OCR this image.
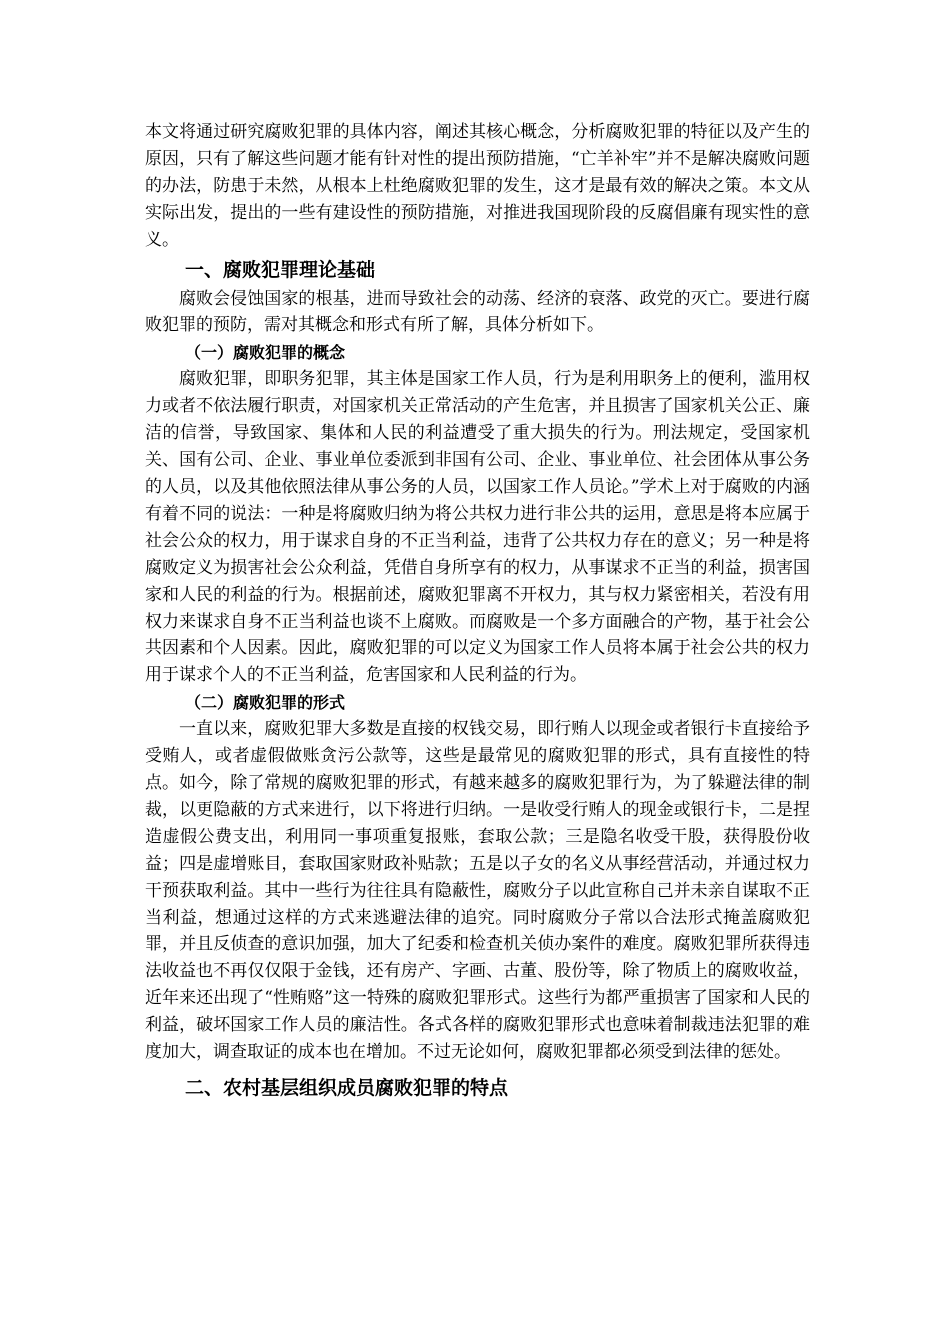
本文将通过研究腐败犯罪的具体内容，阐述其核心概念，分析腐败犯罪的特征以及产生的原因，只有了解这些问题才能有针对性的提出预防措施，“亡羊补牢”并不是解决腐败问题的办法，防患于未然，从根本上杜绝腐败犯罪的发生，这才是最有效的解决之策。本文从实际出发，提出的一些有建设性的预防措施，对推进我国现阶段的反腐倡廉有现实性的意义。

一、腐败犯罪理论基础

腐败会侵蚀国家的根基，进而导致社会的动荡、经济的衰落、政党的灭亡。要进行腐败犯罪的预防，需对其概念和形式有所了解，具体分析如下。

（一）腐败犯罪的概念

腐败犯罪，即职务犯罪，其主体是国家工作人员，行为是利用职务上的便利，滥用权力或者不依法履行职责，对国家机关正常活动的产生危害，并且损害了国家机关公正、廉洁的信誉，导致国家、集体和人民的利益遭受了重大损失的行为。刑法规定，受国家机关、国有公司、企业、事业单位委派到非国有公司、企业、事业单位、社会团体从事公务的人员，以及其他依照法律从事公务的人员，以国家工作人员论。”学术上对于腐败的内涵有着不同的说法：一种是将腐败归纳为将公共权力进行非公共的运用，意思是将本应属于社会公众的权力，用于谋求自身的不正当利益，违背了公共权力存在的意义；另一种是将腐败定义为损害社会公众利益，凭借自身所享有的权力，从事谋求不正当的利益，损害国家和人民的利益的行为。根据前述，腐败犯罪离不开权力，其与权力紧密相关，若没有用权力来谋求自身不正当利益也谈不上腐败。而腐败是一个多方面融合的产物，基于社会公共因素和个人因素。因此，腐败犯罪的可以定义为国家工作人员将本属于社会公共的权力用于谋求个人的不正当利益，危害国家和人民利益的行为。

（二）腐败犯罪的形式

一直以来，腐败犯罪大多数是直接的权钱交易，即行贿人以现金或者银行卡直接给予受贿人，或者虚假做账贪污公款等，这些是最常见的腐败犯罪的形式，具有直接性的特点。如今，除了常规的腐败犯罪的形式，有越来越多的腐败犯罪行为，为了躲避法律的制裁，以更隐蔽的方式来进行，以下将进行归纳。一是收受行贿人的现金或银行卡，二是捏造虚假公费支出，利用同一事项重复报账，套取公款；三是隐名收受干股，获得股份收益；四是虚增账目，套取国家财政补贴款；五是以子女的名义从事经营活动，并通过权力干预获取利益。其中一些行为往往具有隐蔽性，腐败分子以此宣称自己并未亲自谋取不正当利益，想通过这样的方式来逃避法律的追究。同时腐败分子常以合法形式掩盖腐败犯罪，并且反侦查的意识加强，加大了纪委和检查机关侦办案件的难度。腐败犯罪所获得违法收益也不再仅仅限于金钱，还有房产、字画、古董、股份等，除了物质上的腐败收益，近年来还出现了“性贿赂”这一特殊的腐败犯罪形式。这些行为都严重损害了国家和人民的利益，破坏国家工作人员的廉洁性。各式各样的腐败犯罪形式也意味着制裁违法犯罪的难度加大，调查取证的成本也在增加。不过无论如何，腐败犯罪都必须受到法律的惩处。

二、农村基层组织成员腐败犯罪的特点
